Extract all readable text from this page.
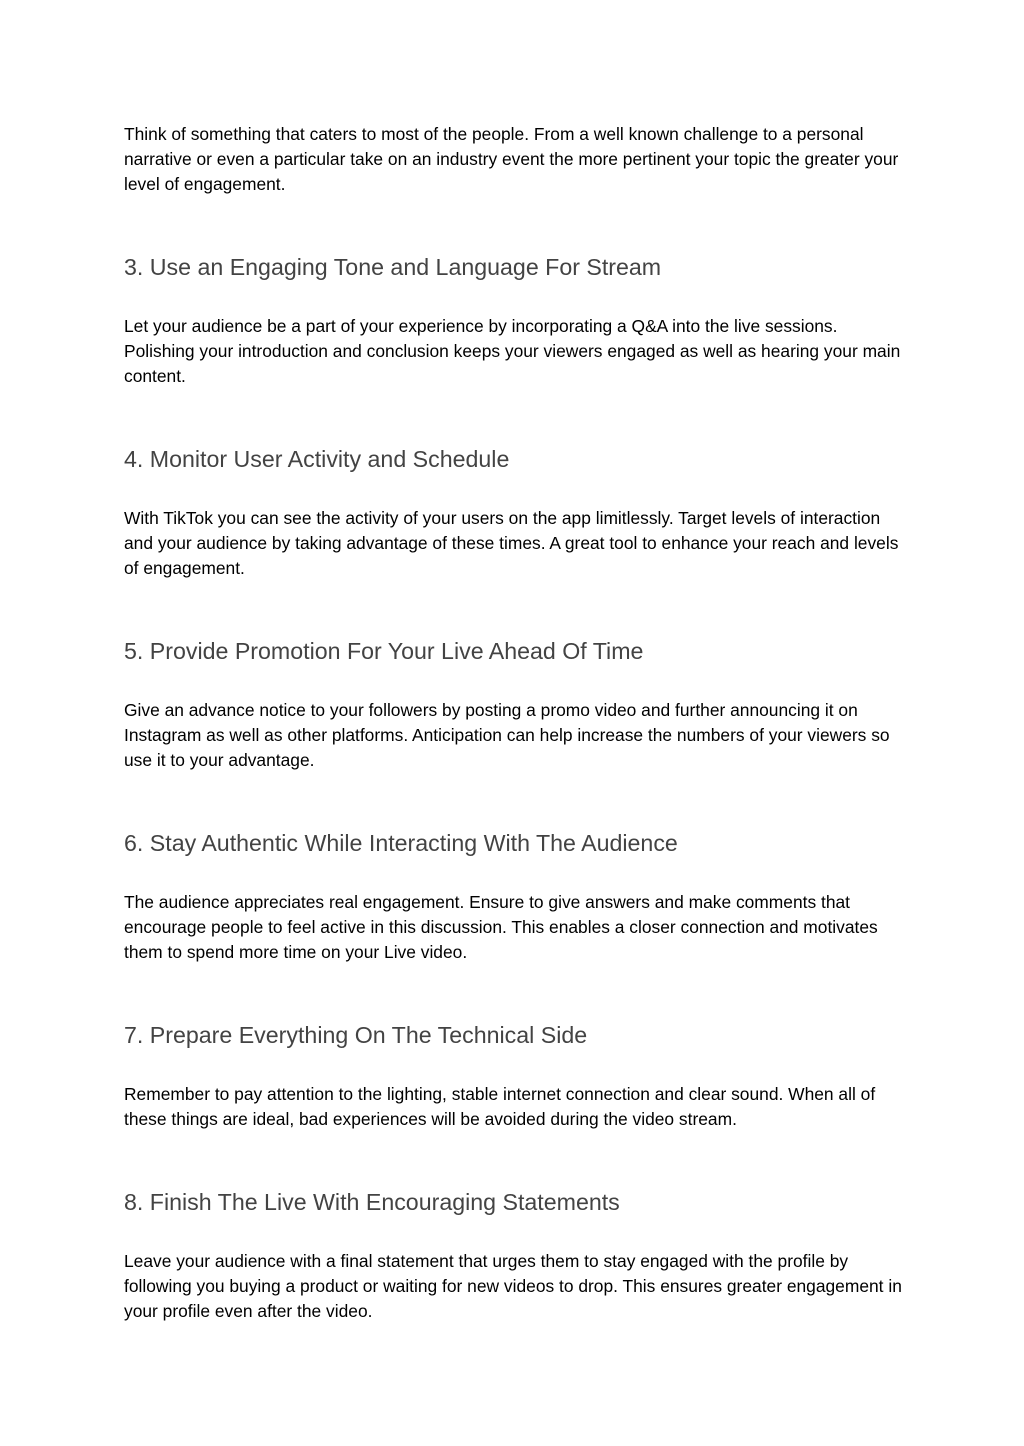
Think of something that caters to most of the people. From a well known challenge to a personal narrative or even a particular take on an industry event the more pertinent your topic the greater your level of engagement.

3. Use an Engaging Tone and Language For Stream

Let your audience be a part of your experience by incorporating a Q&A into the live sessions. Polishing your introduction and conclusion keeps your viewers engaged as well as hearing your main content.

4. Monitor User Activity and Schedule

With TikTok you can see the activity of your users on the app limitlessly. Target levels of interaction and your audience by taking advantage of these times. A great tool to enhance your reach and levels of engagement.

5. Provide Promotion For Your Live Ahead Of Time

Give an advance notice to your followers by posting a promo video and further announcing it on Instagram as well as other platforms. Anticipation can help increase the numbers of your viewers so use it to your advantage.

6. Stay Authentic While Interacting With The Audience

The audience appreciates real engagement. Ensure to give answers and make comments that encourage people to feel active in this discussion. This enables a closer connection and motivates them to spend more time on your Live video.

7. Prepare Everything On The Technical Side

Remember to pay attention to the lighting, stable internet connection and clear sound. When all of these things are ideal, bad experiences will be avoided during the video stream.

8. Finish The Live With Encouraging Statements

Leave your audience with a final statement that urges them to stay engaged with the profile by following you buying a product or waiting for new videos to drop. This ensures greater engagement in your profile even after the video.
